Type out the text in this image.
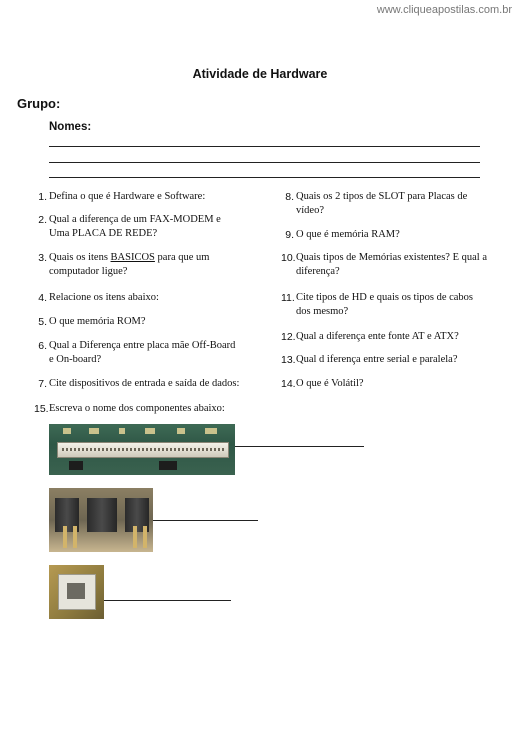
www.cliqueapostilas.com.br
Atividade de Hardware
Grupo:
Nomes:
1. Defina o que é Hardware e Software:
2. Qual a diferença de um FAX-MODEM e
Uma PLACA DE REDE?
3. Quais os itens BASICOS para que um
computador ligue?
4. Relacione os itens abaixo:
5. O que memória ROM?
6. Qual a Diferença entre placa mãe Off-Board
e On-board?
7. Cite dispositivos de entrada e saída de dados:
15. Escreva o nome dos componentes abaixo:
8. Quais os 2 tipos de SLOT para Placas de
vídeo?
9. O que é memória RAM?
10. Quais tipos de Memórias existentes? E qual a
diferença?
11. Cite tipos de HD e quais os tipos de cabos
dos mesmo?
12. Qual a diferença ente fonte AT e ATX?
13. Qual d iferença entre serial e paralela?
14. O que é Volátil?
